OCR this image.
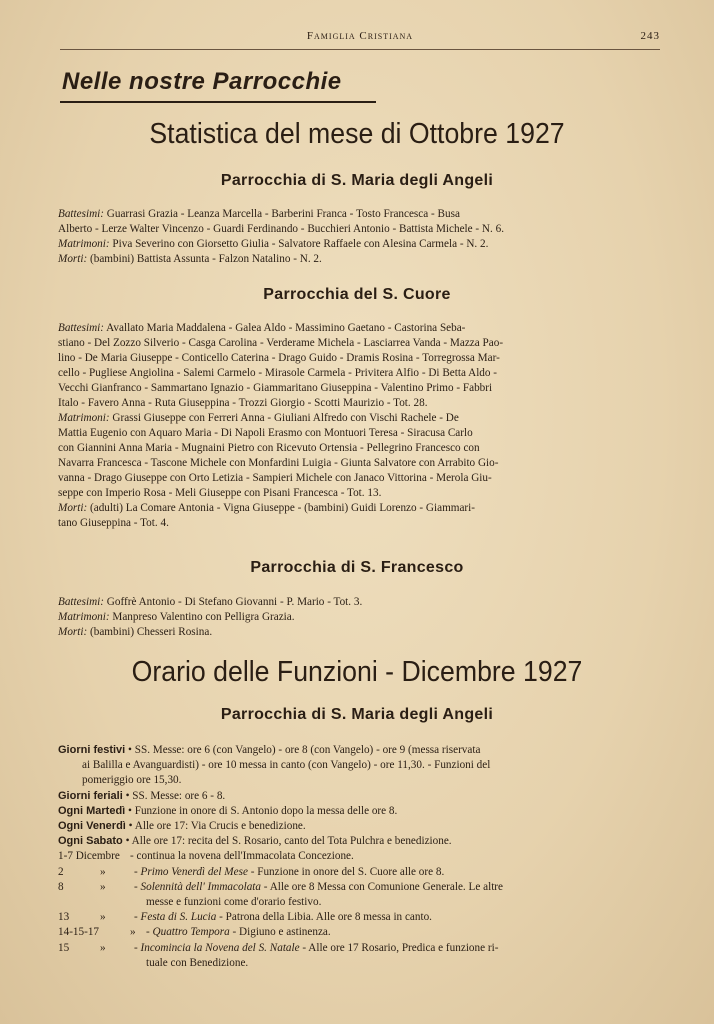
Famiglia Cristiana	243
Nelle nostre Parrocchie
Statistica del mese di Ottobre 1927
Parrocchia di S. Maria degli Angeli
Battesimi: Guarrasi Grazia - Leanza Marcella - Barberini Franca - Tosto Francesca - Busa
Alberto - Lerze Walter Vincenzo - Guardi Ferdinando - Bucchieri Antonio - Battista Michele - N. 6.
Matrimoni: Piva Severino con Giorsetto Giulia - Salvatore Raffaele con Alesina Carmela - N. 2.
Morti: (bambini) Battista Assunta - Falzon Natalino - N. 2.
Parrocchia del S. Cuore
Battesimi: Avallato Maria Maddalena - Galea Aldo - Massimino Gaetano - Castorina Seba-
stiano - Del Zozzo Silverio - Casga Carolina - Verderame Michela - Lasciarrea Vanda - Mazza Pao-
lino - De Maria Giuseppe - Conticello Caterina - Drago Guido - Dramis Rosina - Torregrossa Mar-
cello - Pugliese Angiolina - Salemi Carmelo - Mirasole Carmela - Privitera Alfio - Di Betta Aldo -
Vecchi Gianfranco - Sammartano Ignazio - Giammaritano Giuseppina - Valentino Primo - Fabbri
Italo - Favero Anna - Ruta Giuseppina - Trozzi Giorgio - Scotti Maurizio - Tot. 28.
Matrimoni: Grassi Giuseppe con Ferreri Anna - Giuliani Alfredo con Vischi Rachele - De
Mattia Eugenio con Aquaro Maria - Di Napoli Erasmo con Montuori Teresa - Siracusa Carlo
con Giannini Anna Maria - Mugnaini Pietro con Ricevuto Ortensia - Pellegrino Francesco con
Navarra Francesca - Tascone Michele con Monfardini Luigia - Giunta Salvatore con Arrabito Gio-
vanna - Drago Giuseppe con Orto Letizia - Sampieri Michele con Janaco Vittorina - Merola Giu-
seppe con Imperio Rosa - Meli Giuseppe con Pisani Francesca - Tot. 13.
Morti: (adulti) La Comare Antonia - Vigna Giuseppe - (bambini) Guidi Lorenzo - Giammari-
tano Giuseppina - Tot. 4.
Parrocchia di S. Francesco
Battesimi: Goffrè Antonio - Di Stefano Giovanni - P. Mario - Tot. 3.
Matrimoni: Manpreso Valentino con Pelligra Grazia.
Morti: (bambini) Chesseri Rosina.
Orario delle Funzioni - Dicembre 1927
Parrocchia di S. Maria degli Angeli
Giorni festivi • SS. Messe: ore 6 (con Vangelo) - ore 8 (con Vangelo) - ore 9 (messa riservata
ai Balilla e Avanguardisti) - ore 10 messa in canto (con Vangelo) - ore 11,30. - Funzioni del
pomeriggio ore 15,30.
Giorni feriali • SS. Messe: ore 6 - 8.
Ogni Martedì • Funzione in onore di S. Antonio dopo la messa delle ore 8.
Ogni Venerdì • Alle ore 17: Via Crucis e benedizione.
Ogni Sabato • Alle ore 17: recita del S. Rosario, canto del Tota Pulchra e benedizione.
1-7 Dicembre - continua la novena dell'Immacolata Concezione.
2	»	- Primo Venerdì del Mese - Funzione in onore del S. Cuore alle ore 8.
8	»	- Solennità dell' Immacolata - Alle ore 8 Messa con Comunione Generale. Le altre
messe e funzioni come d'orario festivo.
13	»	- Festa di S. Lucia - Patrona della Libia. Alle ore 8 messa in canto.
14-15-17	» - Quattro Tempora - Digiuno e astinenza.
15	»	- Incomincia la Novena del S. Natale - Alle ore 17 Rosario, Predica e funzione ri-
tuale con Benedizione.
